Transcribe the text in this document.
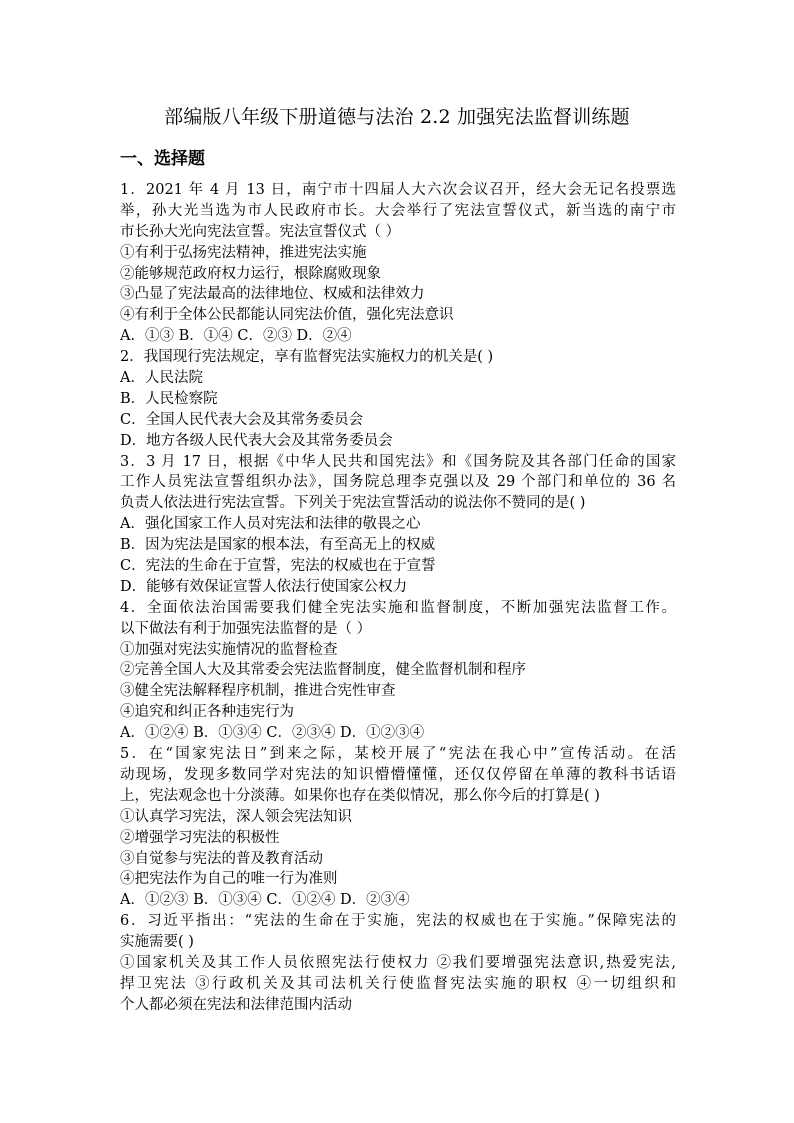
部编版八年级下册道德与法治 2.2 加强宪法监督训练题
一、选择题
1．2021 年 4 月 13 日，南宁市十四届人大六次会议召开，经大会无记名投票选
举，孙大光当选为市人民政府市长。大会举行了宪法宣誓仪式，新当选的南宁市
市长孙大光向宪法宣誓。宪法宣誓仪式（ ）
①有利于弘扬宪法精神，推进宪法实施
②能够规范政府权力运行，根除腐败现象
③凸显了宪法最高的法律地位、权威和法律效力
④有利于全体公民都能认同宪法价值，强化宪法意识
A．①③ B．①④ C．②③ D．②④
2．我国现行宪法规定，享有监督宪法实施权力的机关是( )
A．人民法院
B．人民检察院
C．全国人民代表大会及其常务委员会
D．地方各级人民代表大会及其常务委员会
3．3 月 17 日，根据《中华人民共和国宪法》和《国务院及其各部门任命的国家
工作人员宪法宣誓组织办法》，国务院总理李克强以及 29 个部门和单位的 36 名
负责人依法进行宪法宣誓。下列关于宪法宣誓活动的说法你不赞同的是( )
A．强化国家工作人员对宪法和法律的敬畏之心
B．因为宪法是国家的根本法，有至高无上的权威
C．宪法的生命在于宣誓，宪法的权威也在于宣誓
D．能够有效保证宣誓人依法行使国家公权力
4．全面依法治国需要我们健全宪法实施和监督制度，不断加强宪法监督工作。
以下做法有利于加强宪法监督的是（ ）
①加强对宪法实施情况的监督检查
②完善全国人大及其常委会宪法监督制度，健全监督机制和程序
③健全宪法解释程序机制，推进合宪性审查
④追究和纠正各种违宪行为
A．①②④ B．①③④ C．②③④ D．①②③④
5．在“国家宪法日”到来之际，某校开展了“宪法在我心中”宣传活动。在活
动现场，发现多数同学对宪法的知识懵懵懂懂，还仅仅停留在单薄的教科书话语
上，宪法观念也十分淡薄。如果你也存在类似情况，那么你今后的打算是( )
①认真学习宪法，深人领会宪法知识
②增强学习宪法的积极性
③自觉参与宪法的普及教育活动
④把宪法作为自己的唯一行为准则
A．①②③ B．①③④ C．①②④ D．②③④
6．习近平指出：“宪法的生命在于实施，宪法的权威也在于实施。”保障宪法的
实施需要( )
①国家机关及其工作人员依照宪法行使权力 ②我们要增强宪法意识,热爱宪法,
捍卫宪法 ③行政机关及其司法机关行使监督宪法实施的职权 ④一切组织和
个人都必须在宪法和法律范围内活动
